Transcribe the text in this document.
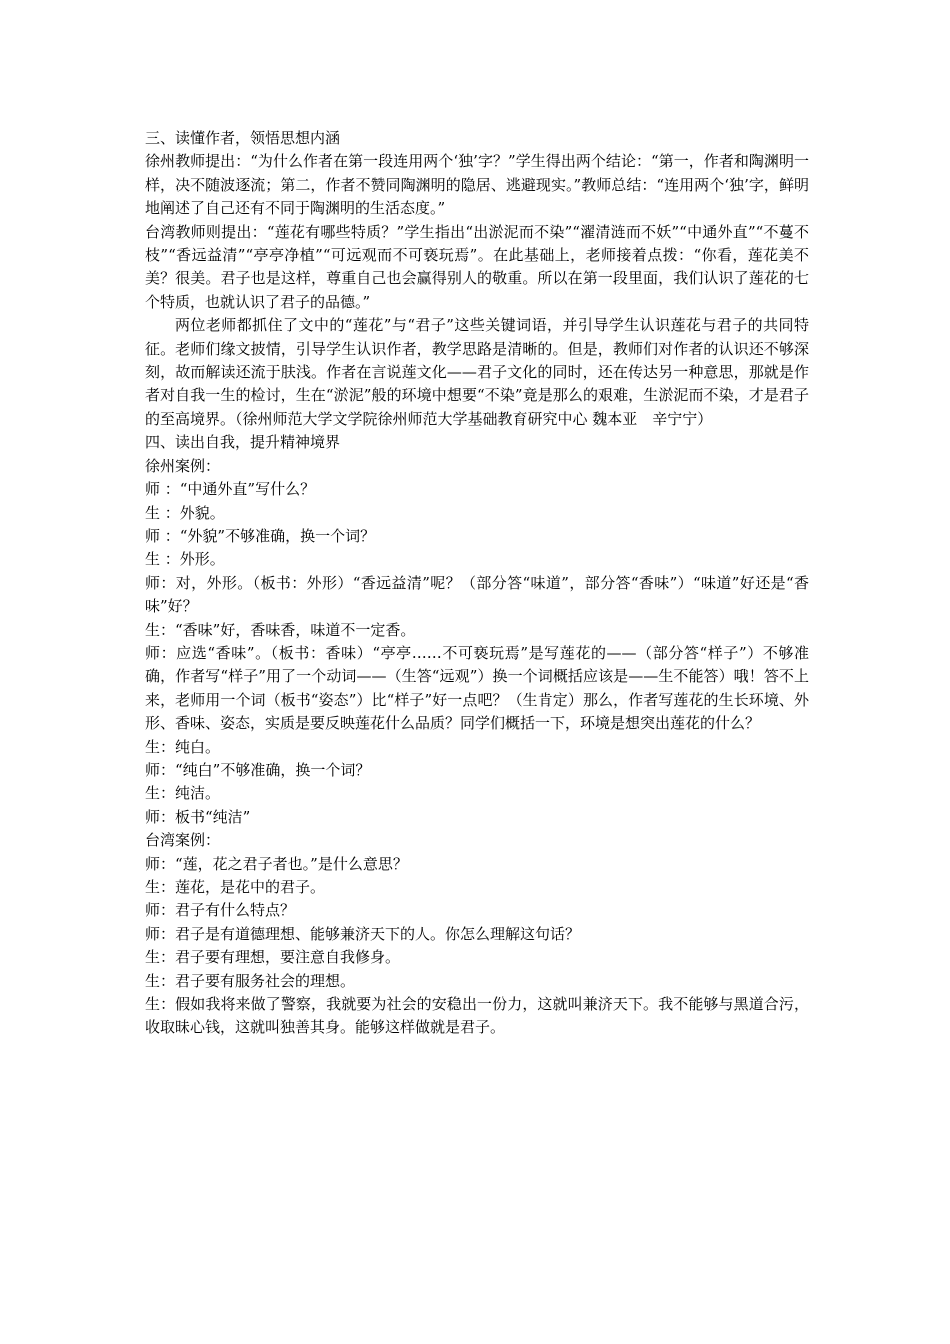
三、读懂作者，领悟思想内涵

徐州教师提出：“为什么作者在第一段连用两个‘独’字？”学生得出两个结论：“第一，作者和陶渊明一样，决不随波逐流；第二，作者不赞同陶渊明的隐居、逃避现实。”教师总结：“连用两个‘独’字，鲜明地阐述了自己还有不同于陶渊明的生活态度。”

台湾教师则提出：“莲花有哪些特质？”学生指出“出淤泥而不染”“濯清涟而不妖”“中通外直”“不蔓不枝”“香远益清”“亭亭净植”“可远观而不可亵玩焉”。在此基础上，老师接着点拨：“你看，莲花美不美？很美。君子也是这样，尊重自己也会赢得别人的敬重。所以在第一段里面，我们认识了莲花的七个特质，也就认识了君子的品德。”

两位老师都抓住了文中的“莲花”与“君子”这些关键词语，并引导学生认识莲花与君子的共同特征。老师们缘文披情，引导学生认识作者，教学思路是清晰的。但是，教师们对作者的认识还不够深刻，故而解读还流于肤浅。作者在言说莲文化——君子文化的同时，还在传达另一种意思，那就是作者对自我一生的检讨，生在“淤泥”般的环境中想要“不染”竟是那么的艰难，生淤泥而不染，才是君子的至高境界。（徐州师范大学文学院徐州师范大学基础教育研究中心 魏本亚　辛宁宁）

四、读出自我，提升精神境界

徐州案例：

师 ：“中通外直”写什么？

生 ：外貌。

师 ：“外貌”不够准确，换一个词？

生 ：外形。

师：对，外形。（板书：外形）“香远益清”呢？（部分答“味道”，部分答“香味”）“味道”好还是“香味”好？

生：“香味”好，香味香，味道不一定香。

师：应选“香味”。（板书：香味）“亭亭……不可亵玩焉”是写莲花的——（部分答“样子”）不够准确，作者写“样子”用了一个动词——（生答“远观”）换一个词概括应该是——生不能答）哦！答不上来，老师用一个词（板书“姿态”）比“样子”好一点吧？（生肯定）那么，作者写莲花的生长环境、外形、香味、姿态，实质是要反映莲花什么品质？同学们概括一下，环境是想突出莲花的什么？

生：纯白。

师：“纯白”不够准确，换一个词？

生：纯洁。

师：板书“纯洁”

台湾案例：

师：“莲，花之君子者也。”是什么意思？

生：莲花，是花中的君子。

师：君子有什么特点？

师：君子是有道德理想、能够兼济天下的人。你怎么理解这句话？

生：君子要有理想，要注意自我修身。

生：君子要有服务社会的理想。

生：假如我将来做了警察，我就要为社会的安稳出一份力，这就叫兼济天下。我不能够与黑道合污，收取昧心钱，这就叫独善其身。能够这样做就是君子。
